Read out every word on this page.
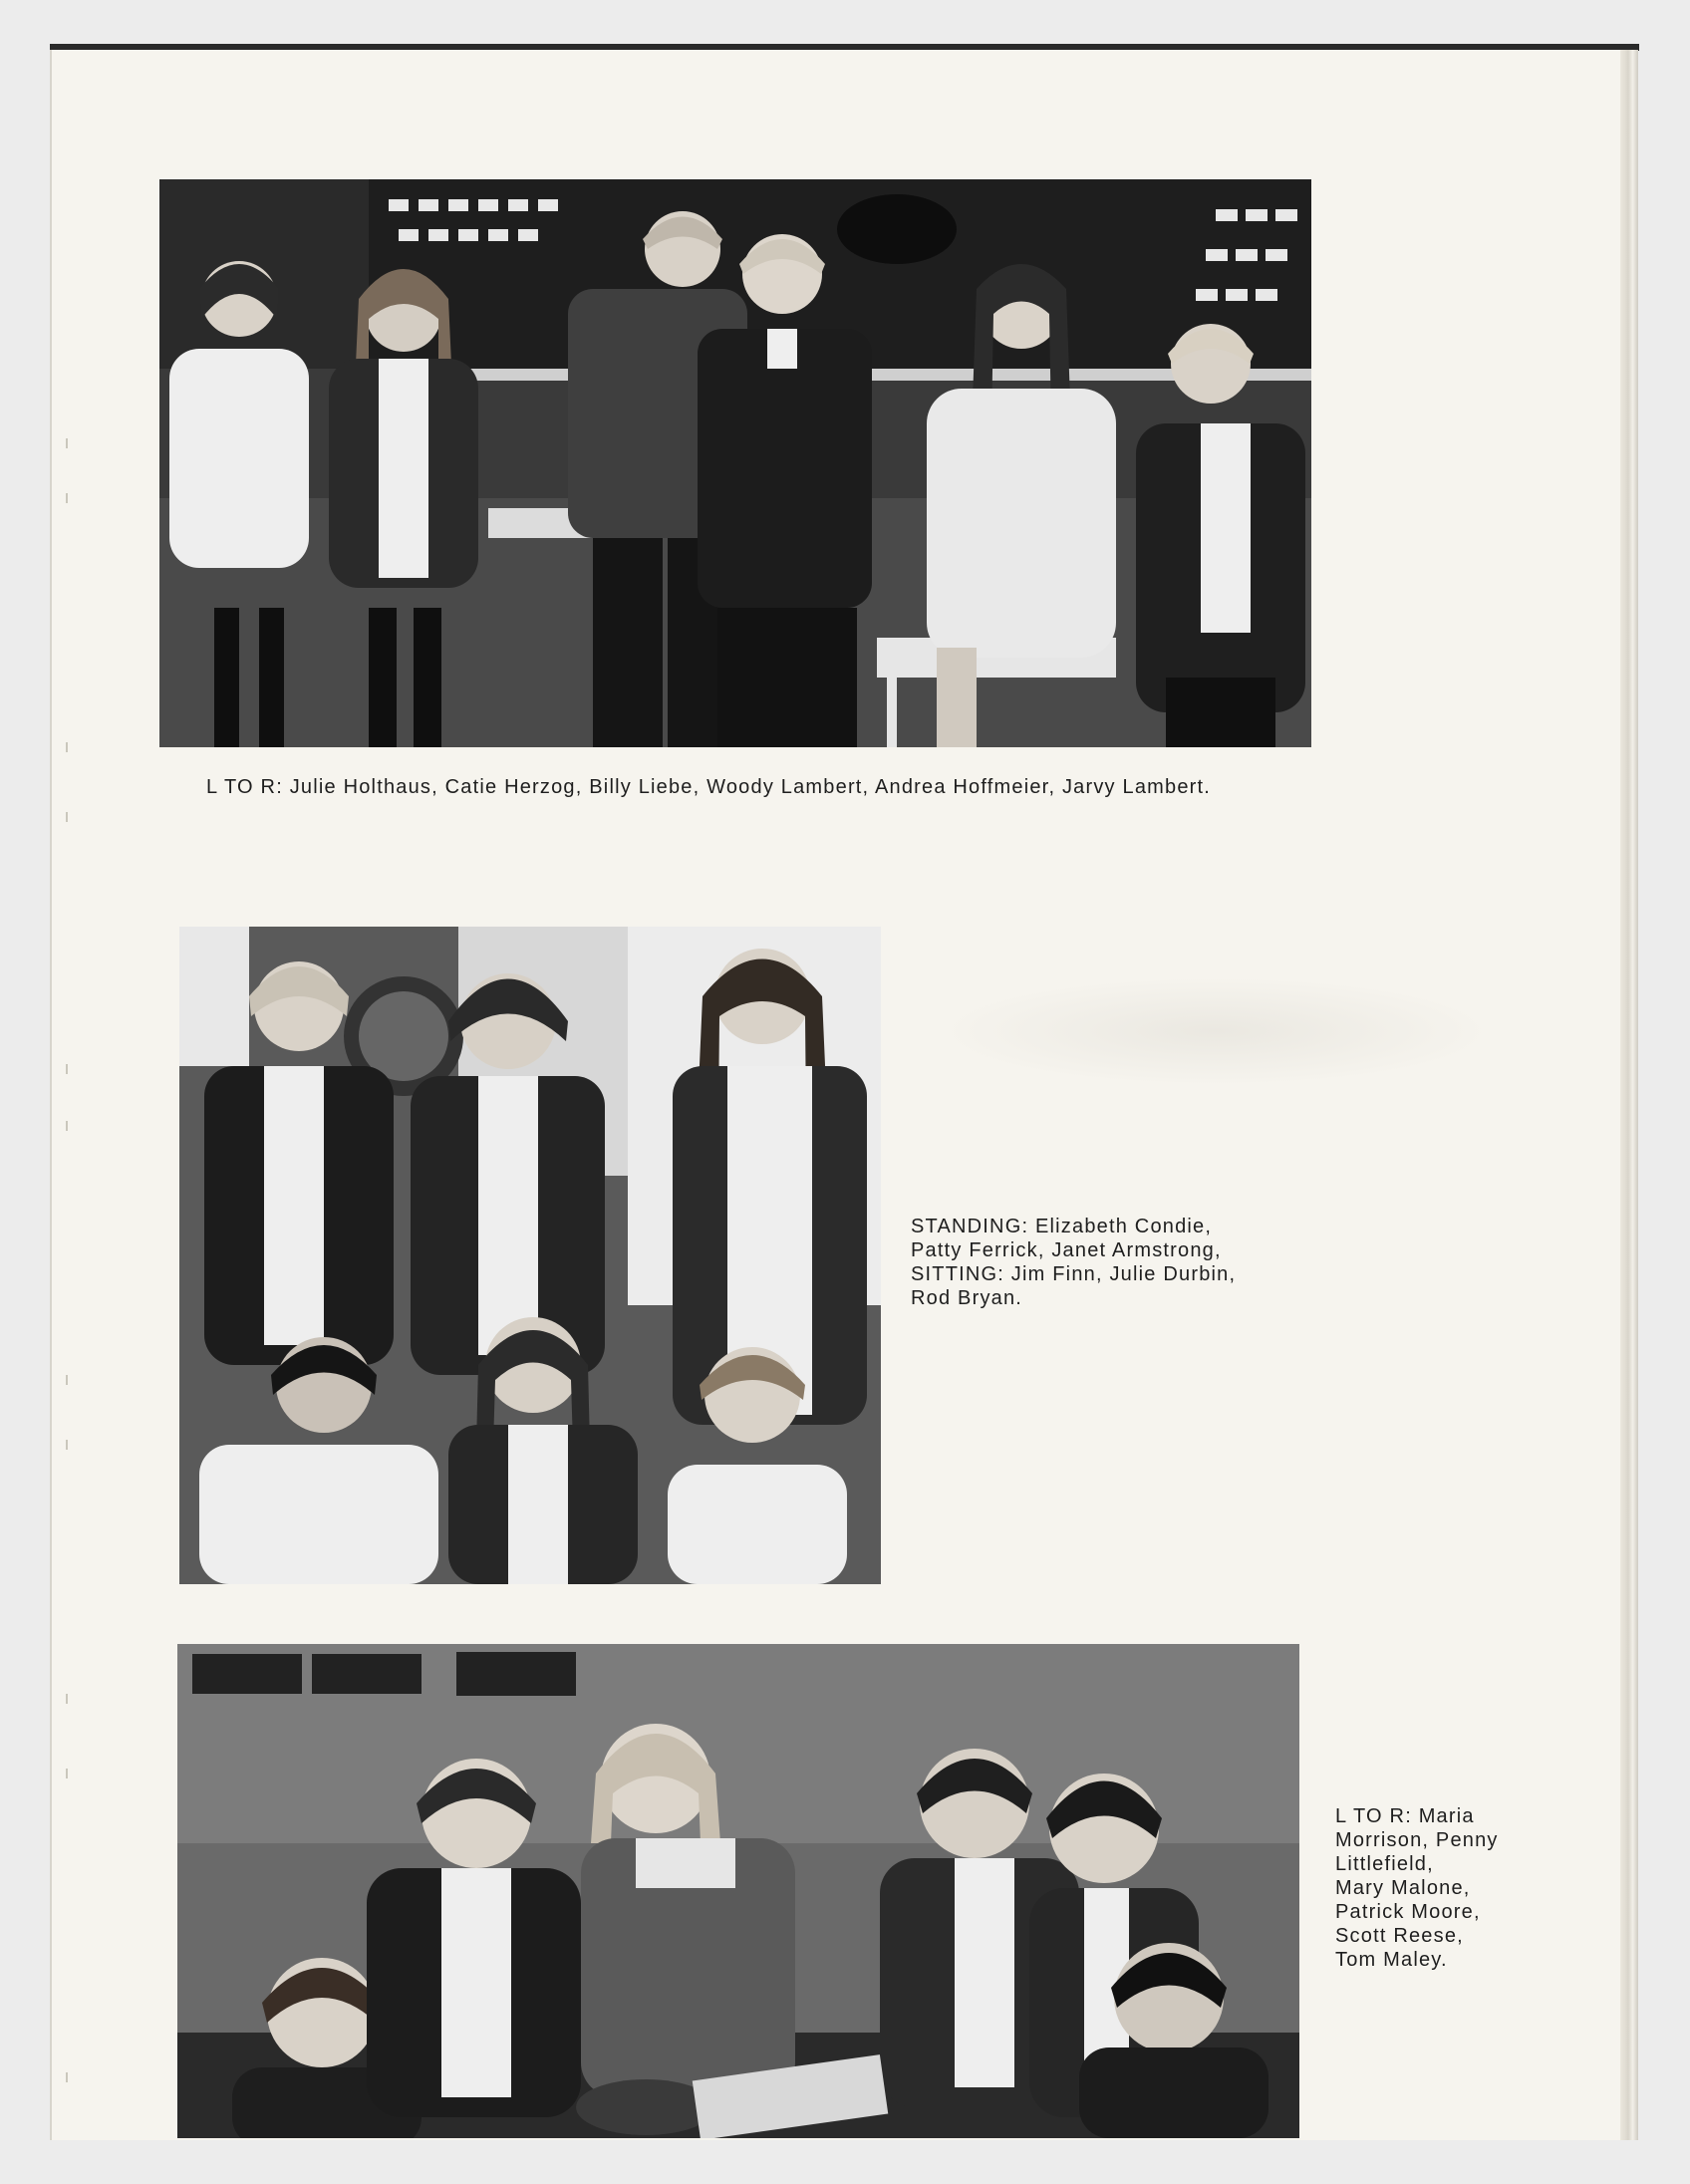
L TO R: Julie Holthaus, Catie Herzog, Billy Liebe, Woody Lambert, Andrea Hoffmeier, Jarvy Lambert.
STANDING: Elizabeth Condie,
Patty Ferrick, Janet Armstrong,
SITTING: Jim Finn, Julie Durbin,
Rod Bryan.
L TO R: Maria
Morrison, Penny
Littlefield,
Mary Malone,
Patrick Moore,
Scott Reese,
Tom Maley.
